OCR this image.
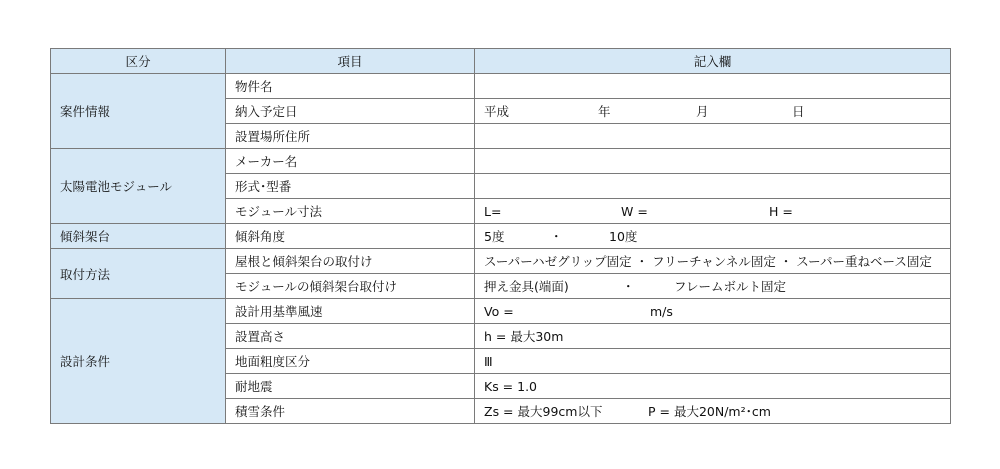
区分	項目	記入欄
案件情報	物件名	
	納入予定日	平成 年 月 日

	設置場所住所	
太陽電池モジュール	メーカー名	
	形式･型番	
	モジュール寸法	L= W = H =

傾斜架台	傾斜角度	5度 ・ 10度

取付方法	屋根と傾斜架台の取付け	スーパーハゼグリップ固定 ・ フリーチャンネル固定 ・ スーパー重ねベース固定
	モジュールの傾斜架台取付け	押え金具(端面) ・ フレームボルト固定

設計条件	設計用基準風速	Vo = m/s

	設置高さ	h = 最大30m
	地面粗度区分	Ⅲ
	耐地震	Ks = 1.0
	積雪条件	Zs = 最大99cm以下 P = 最大20N/m²･cm
